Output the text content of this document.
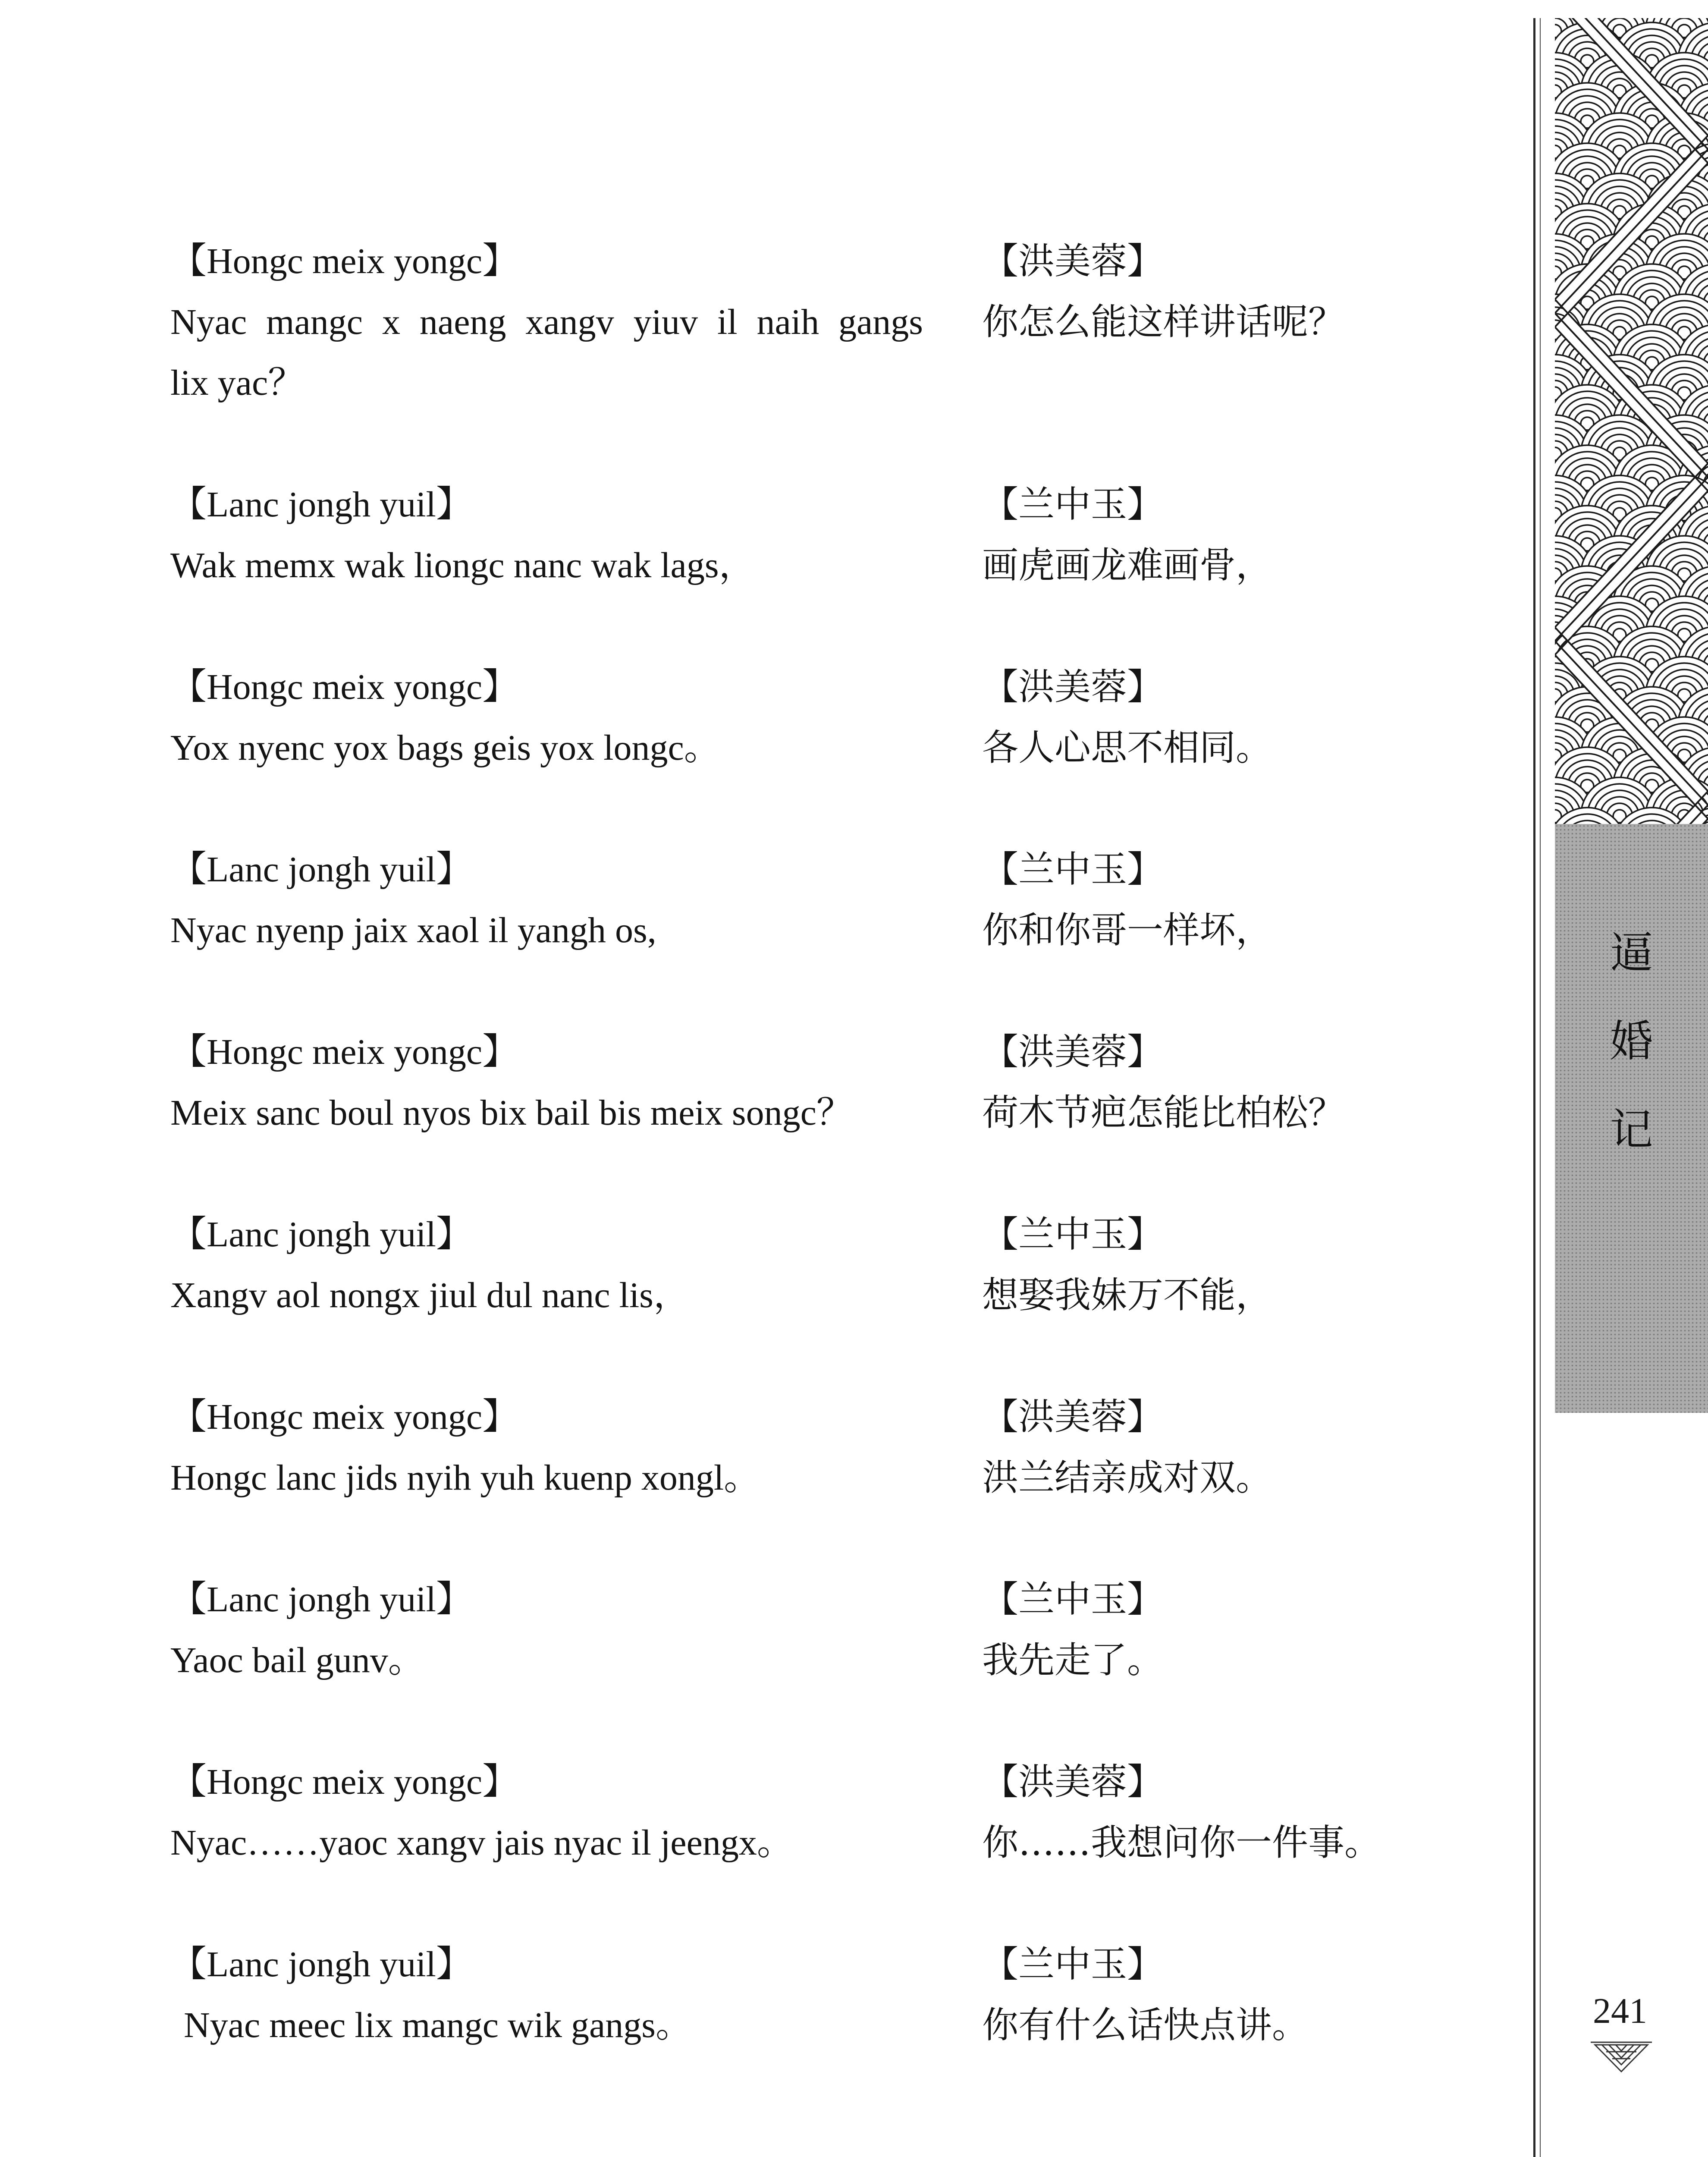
【Hongc meix yongc】
Nyac mangc x naeng xangv yiuv il naih gangs
lix yac？
【洪美蓉】
你怎么能这样讲话呢？
【Lanc jongh yuil】
Wak memx wak liongc nanc wak lags，
【兰中玉】
画虎画龙难画骨，
【Hongc meix yongc】
Yox nyenc yox bags geis yox longc。
【洪美蓉】
各人心思不相同。
【Lanc jongh yuil】
Nyac nyenp jaix xaol il yangh os,
【兰中玉】
你和你哥一样坏，
【Hongc meix yongc】
Meix sanc boul nyos bix bail bis meix songc？
【洪美蓉】
荷木节疤怎能比柏松？
【Lanc jongh yuil】
Xangv aol nongx jiul dul nanc lis，
【兰中玉】
想娶我妹万不能，
【Hongc meix yongc】
Hongc lanc jids nyih yuh kuenp xongl。
【洪美蓉】
洪兰结亲成对双。
【Lanc jongh yuil】
Yaoc bail gunv。
【兰中玉】
我先走了。
【Hongc meix yongc】
Nyac……yaoc xangv jais nyac il jeengx。
【洪美蓉】
你……我想问你一件事。
【Lanc jongh yuil】
Nyac meec lix mangc wik gangs。
【兰中玉】
你有什么话快点讲。
逼
婚
记
241
